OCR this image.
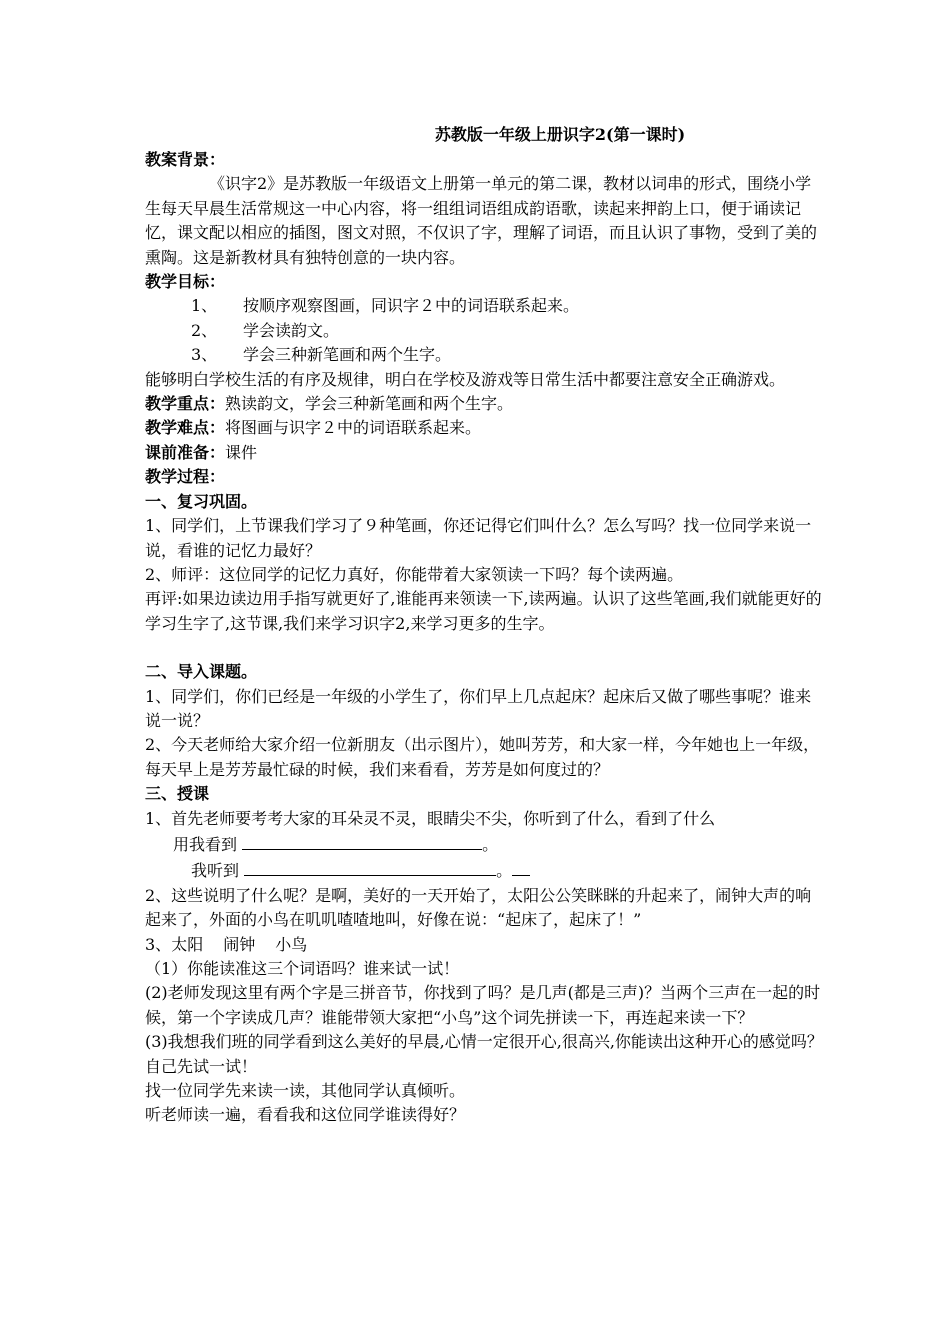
苏教版一年级上册识字2(第一课时)

教案背景：

《识字2》是苏教版一年级语文上册第一单元的第二课，教材以词串的形式，围绕小学生每天早晨生活常规这一中心内容，将一组组词语组成韵语歌，读起来押韵上口，便于诵读记忆，课文配以相应的插图，图文对照，不仅识了字，理解了词语，而且认识了事物，受到了美的熏陶。这是新教材具有独特创意的一块内容。

教学目标：

1、 按顺序观察图画，同识字２中的词语联系起来。

2、 学会读韵文。

3、 学会三种新笔画和两个生字。

能够明白学校生活的有序及规律，明白在学校及游戏等日常生活中都要注意安全正确游戏。

教学重点：熟读韵文，学会三种新笔画和两个生字。

教学难点：将图画与识字２中的词语联系起来。

课前准备：课件

教学过程：

一、复习巩固。

1、同学们，上节课我们学习了９种笔画，你还记得它们叫什么？怎么写吗？找一位同学来说一说，看谁的记忆力最好？

2、师评：这位同学的记忆力真好，你能带着大家领读一下吗？每个读两遍。

再评:如果边读边用手指写就更好了,谁能再来领读一下,读两遍。认识了这些笔画,我们就能更好的学习生字了,这节课,我们来学习识字2,来学习更多的生字。

二、导入课题。

1、同学们，你们已经是一年级的小学生了，你们早上几点起床？起床后又做了哪些事呢？谁来说一说？

2、今天老师给大家介绍一位新朋友（出示图片），她叫芳芳，和大家一样，今年她也上一年级，每天早上是芳芳最忙碌的时候，我们来看看，芳芳是如何度过的？

三、授课

1、首先老师要考考大家的耳朵灵不灵，眼睛尖不尖，你听到了什么，看到了什么

用我看到	。

我听到	。

2、这些说明了什么呢？是啊，美好的一天开始了，太阳公公笑眯眯的升起来了，闹钟大声的响起来了，外面的小鸟在叽叽喳喳地叫，好像在说：“起床了，起床了！”

3、太阳 闹钟 小鸟

（1）你能读准这三个词语吗？谁来试一试！

(2)老师发现这里有两个字是三拼音节，你找到了吗？是几声(都是三声)？当两个三声在一起的时候，第一个字读成几声？谁能带领大家把“小鸟”这个词先拼读一下，再连起来读一下？

(3)我想我们班的同学看到这么美好的早晨,心情一定很开心,很高兴,你能读出这种开心的感觉吗？自己先试一试！

找一位同学先来读一读，其他同学认真倾听。

听老师读一遍，看看我和这位同学谁读得好？
